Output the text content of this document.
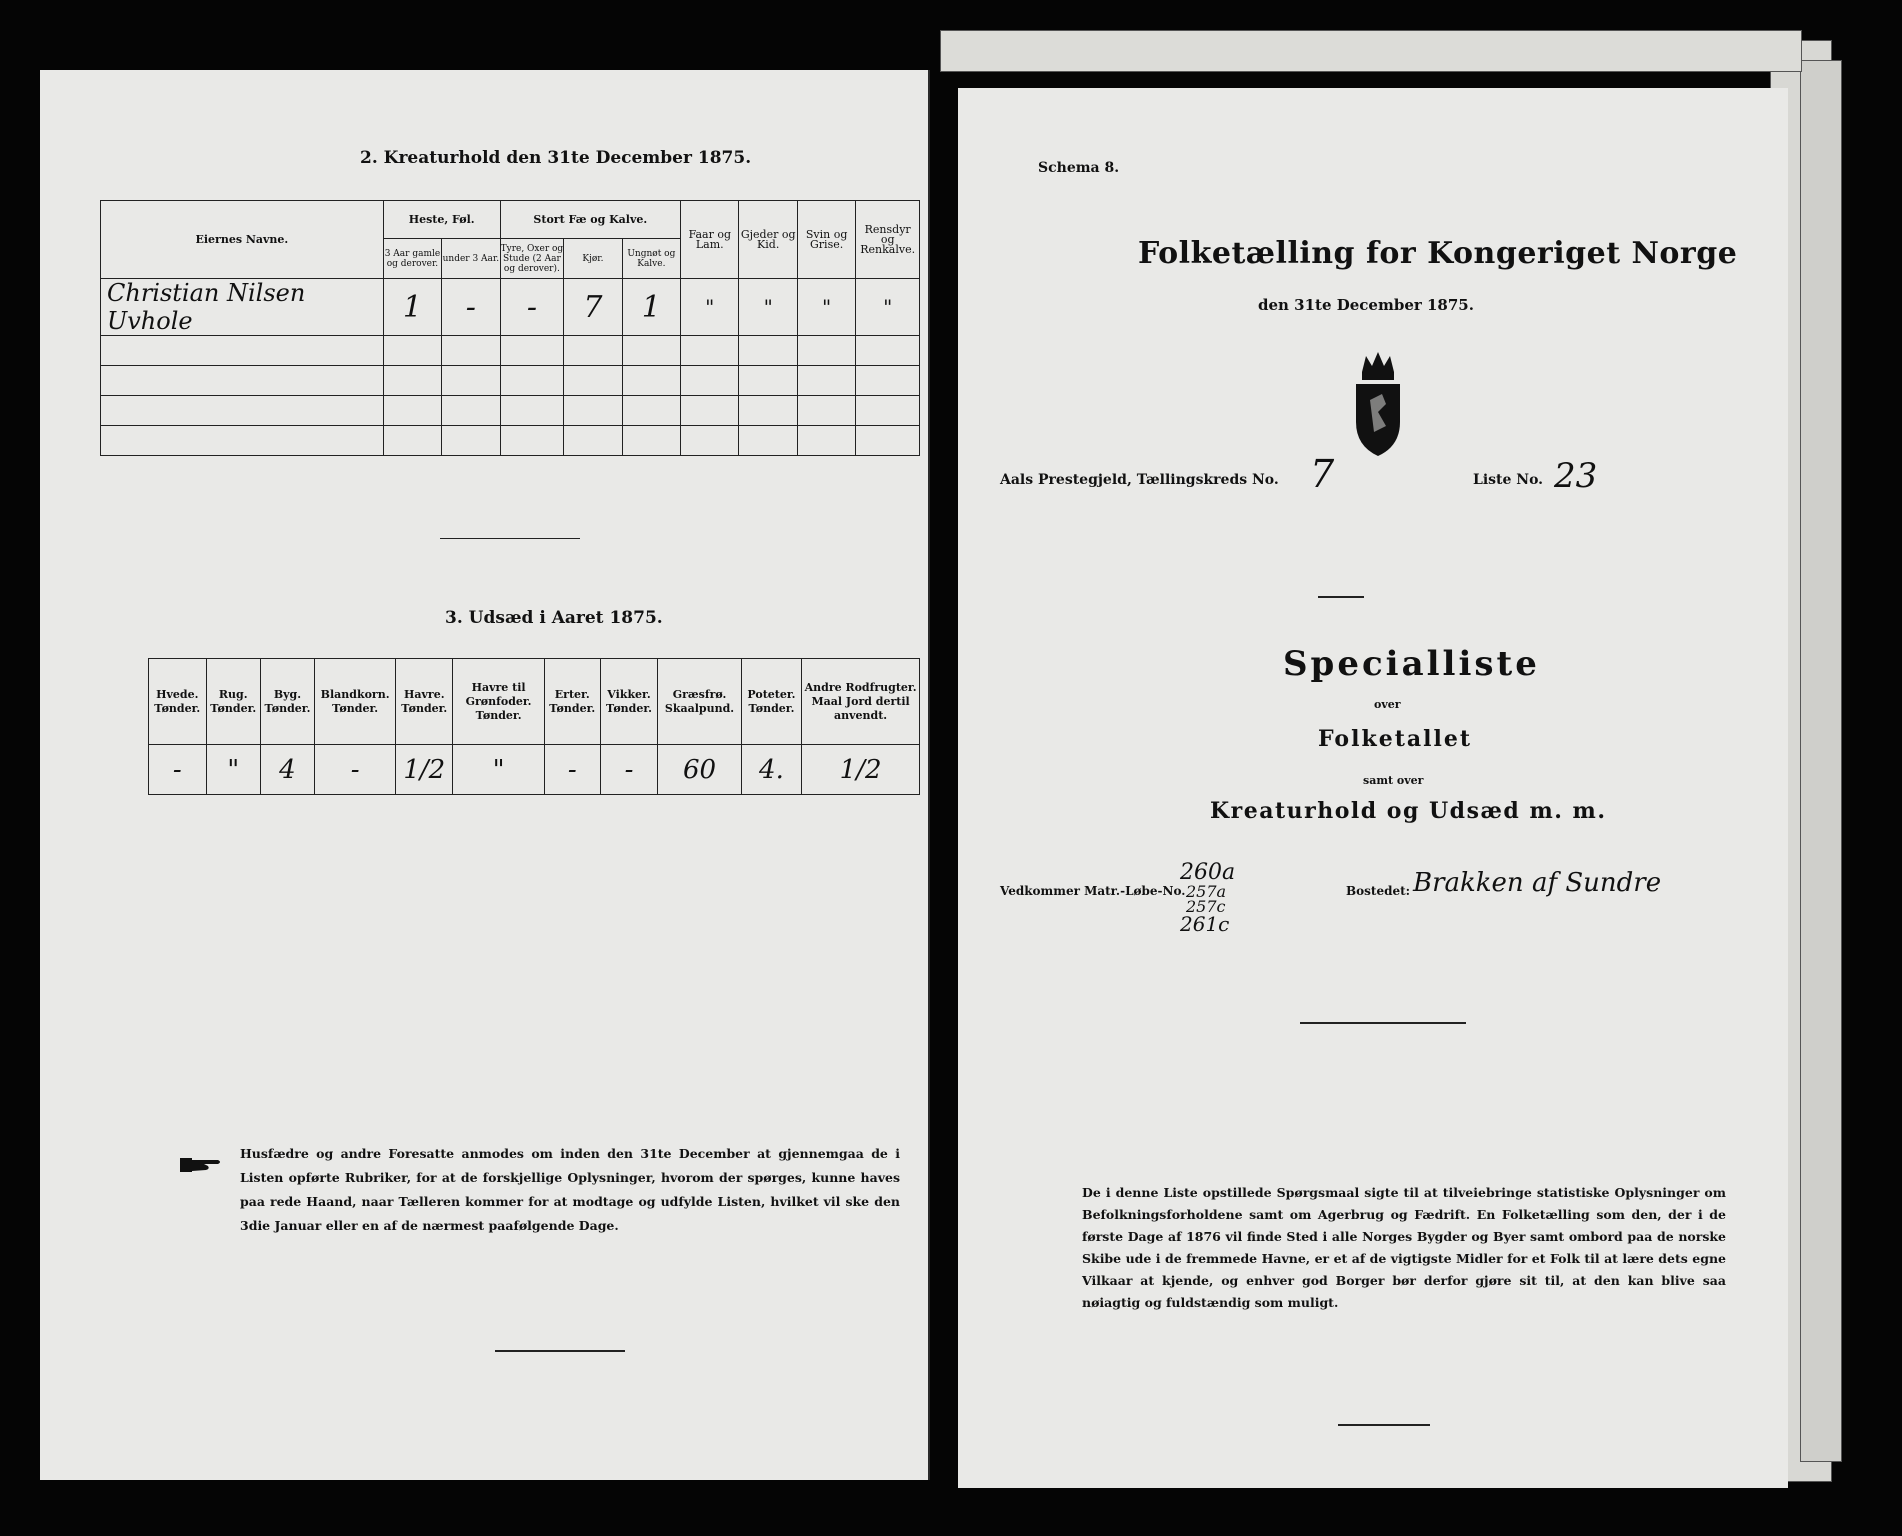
2. Kreaturhold den 31te December 1875.
Eiernes Navne.	Heste, Føl.		Stort Fæ og Kalve.			Faar og Lam.	Gjeder og Kid.	Svin og Grise.	Rensdyr og Renkalve.
	3 Aar gamle og derover.	under 3 Aar.	Tyre, Oxer og Stude (2 Aar og derover).	Kjør.	Ungnøt og Kalve.				
Christian Nilsen Uvhole	1	-	-	7	1	"	"	"	"

3. Udsæd i Aaret 1875.
Hvede. Tønder.	Rug. Tønder.	Byg. Tønder.	Blandkorn. Tønder.	Havre. Tønder.	Havre til Grønfoder. Tønder.	Erter. Tønder.	Vikker. Tønder.	Græsfrø. Skaalpund.	Poteter. Tønder.	Andre Rodfrugter. Maal Jord dertil anvendt.
-	"	4	-	1/2	"	-	-	60	4.	1/2
Husfædre og andre Foresatte anmodes om inden den 31te December at gjennemgaa de i Listen opførte Rubriker, for at de forskjellige Oplysninger, hvorom der spørges, kunne haves paa rede Haand, naar Tælleren kommer for at modtage og udfylde Listen, hvilket vil ske den 3die Januar eller en af de nærmest paafølgende Dage.
Schema 8.
Folketælling for Kongeriget Norge
den 31te December 1875.
Aals Prestegjeld, Tællingskreds No. 7	Liste No. 23
Specialliste
over
Folketallet
samt over
Kreaturhold og Udsæd m. m.
Vedkommer Matr.-Løbe-No.
260a
257a
257c
261c
Bostedet: Brakken af Sundre
De i denne Liste opstillede Spørgsmaal sigte til at tilveiebringe statistiske Oplysninger om Befolkningsforholdene samt om Agerbrug og Fædrift. En Folketælling som den, der i de første Dage af 1876 vil finde Sted i alle Norges Bygder og Byer samt ombord paa de norske Skibe ude i de fremmede Havne, er et af de vigtigste Midler for et Folk til at lære dets egne Vilkaar at kjende, og enhver god Borger bør derfor gjøre sit til, at den kan blive saa nøiagtig og fuldstændig som muligt.
